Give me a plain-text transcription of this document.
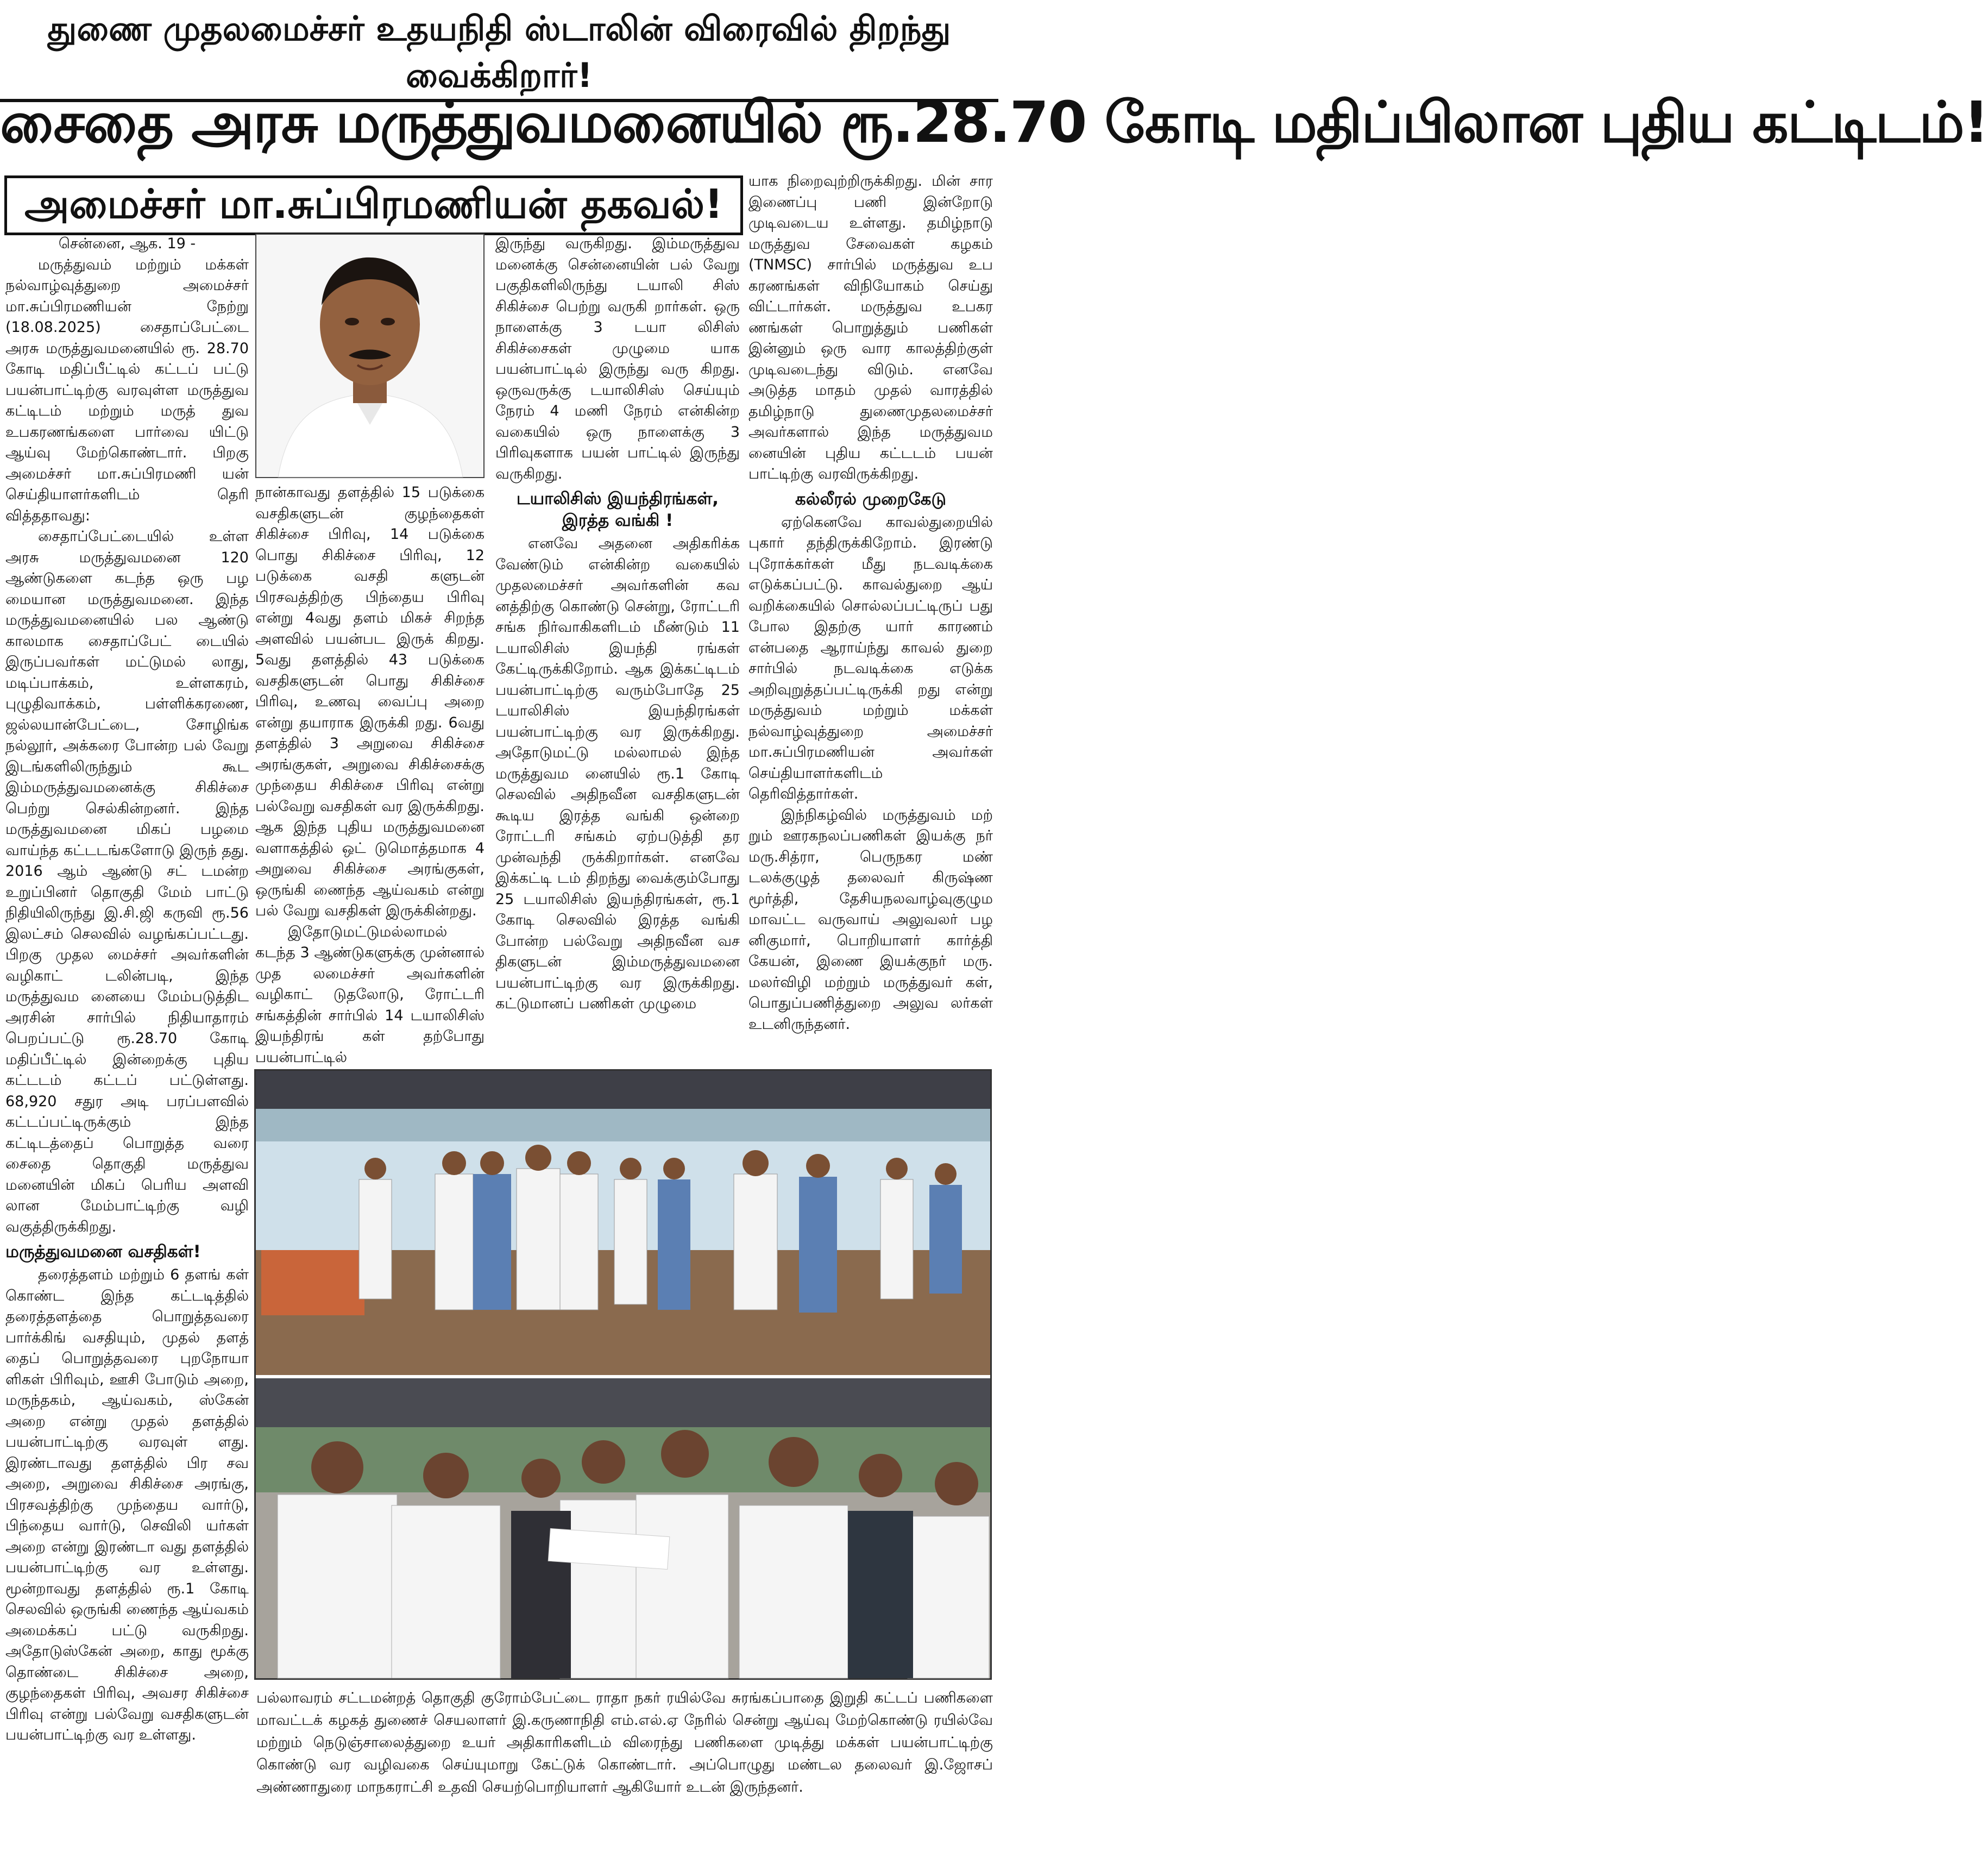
துணை முதலமைச்சர் உதயநிதி ஸ்டாலின் விரைவில் திறந்து வைக்கிறார்!
சைதை அரசு மருத்துவமனையில் ரூ.28.70 கோடி மதிப்பிலான புதிய கட்டிடம்!
அமைச்சர் மா.சுப்பிரமணியன் தகவல்!

சென்னை, ஆக. 19 -

மருத்துவம் மற்றும் மக்கள் நல்வாழ்வுத்துறை அமைச்சர் மா.சுப்பிரமணியன் நேற்று (18.08.2025) சைதாப்பேட்டை அரசு மருத்துவமனையில் ரூ. 28.70 கோடி மதிப்பீட்டில் கட்டப் பட்டு பயன்பாட்டிற்கு வரவுள்ள மருத்துவ கட்டிடம் மற்றும் மருத் துவ உபகரணங்களை பார்வை யிட்டு ஆய்வு மேற்கொண்டார். பிறகு அமைச்சர் மா.சுப்பிரமணி யன் செய்தியாளர்களிடம் தெரி வித்ததாவது:

சைதாப்பேட்டையில் உள்ள அரசு மருத்துவமனை 120 ஆண்டுகளை கடந்த ஒரு பழ மையான மருத்துவமனை. இந்த மருத்துவமனையில் பல ஆண்டு காலமாக சைதாப்பேட் டையில் இருப்பவர்கள் மட்டுமல் லாது, மடிப்பாக்கம், உள்ளகரம், புழுதிவாக்கம், பள்ளிக்கரணை, ஜல்லயான்பேட்டை, சோழிங்க நல்லூர், அக்கரை போன்ற பல் வேறு இடங்களிலிருந்தும் கூட இம்மருத்துவமனைக்கு சிகிச்சை பெற்று செல்கின்றனர். இந்த மருத்துவமனை மிகப் பழமை வாய்ந்த கட்டடங்களோடு இருந் தது. 2016 ஆம் ஆண்டு சட் டமன்ற உறுப்பினர் தொகுதி மேம் பாட்டு நிதியிலிருந்து இ.சி.ஜி கருவி ரூ.56 இலட்சம் செலவில் வழங்கப்பட்டது. பிறகு முதல மைச்சர் அவர்களின் வழிகாட் டலின்படி, இந்த மருத்துவம னையை மேம்படுத்திட அரசின் சார்பில் நிதியாதாரம் பெறப்பட்டு ரூ.28.70 கோடி மதிப்பீட்டில் இன்றைக்கு புதிய கட்டடம் கட்டப் பட்டுள்ளது. 68,920 சதுர அடி பரப்பளவில் கட்டப்பட்டிருக்கும் இந்த கட்டிடத்தைப் பொறுத்த வரை சைதை தொகுதி மருத்துவ மனையின் மிகப் பெரிய அளவி லான மேம்பாட்டிற்கு வழி வகுத்திருக்கிறது.

மருத்துவமனை வசதிகள்!

தரைத்தளம் மற்றும் 6 தளங் கள் கொண்ட இந்த கட்டடித்தில் தரைத்தளத்தை பொறுத்தவரை பார்க்கிங் வசதியும், முதல் தளத் தைப் பொறுத்தவரை புறநோயா ளிகள் பிரிவும், ஊசி போடும் அறை, மருந்தகம், ஆய்வகம், ஸ்கேன் அறை என்று முதல் தளத்தில் பயன்பாட்டிற்கு வரவுள் ளது. இரண்டாவது தளத்தில் பிர சவ அறை, அறுவை சிகிச்சை அரங்கு, பிரசவத்திற்கு முந்தைய வார்டு, பிந்தைய வார்டு, செவிலி யர்கள் அறை என்று இரண்டா வது தளத்தில் பயன்பாட்டிற்கு வர உள்ளது. மூன்றாவது தளத்தில் ரூ.1 கோடி செலவில் ஒருங்கி ணைந்த ஆய்வகம் அமைக்கப் பட்டு வருகிறது. அதோடுஸ்கேன் அறை, காது மூக்கு தொண்டை சிகிச்சை அறை, குழந்தைகள் பிரிவு, அவசர சிகிச்சை பிரிவு என்று பல்வேறு வசதிகளுடன் பயன்பாட்டிற்கு வர உள்ளது.

நான்காவது தளத்தில் 15 படுக்கை வசதிகளுடன் குழந்தைகள் சிகிச்சை பிரிவு, 14 படுக்கை பொது சிகிச்சை பிரிவு, 12 படுக்கை வசதி களுடன் பிரசவத்திற்கு பிந்தைய பிரிவு என்று 4வது தளம் மிகச் சிறந்த அளவில் பயன்பட இருக் கிறது. 5வது தளத்தில் 43 படுக்கை வசதிகளுடன் பொது சிகிச்சை பிரிவு, உணவு வைப்பு அறை என்று தயாராக இருக்கி றது. 6வது தளத்தில் 3 அறுவை சிகிச்சை அரங்குகள், அறுவை சிகிச்சைக்கு முந்தைய சிகிச்சை பிரிவு என்று பல்வேறு வசதிகள் வர இருக்கிறது. ஆக இந்த புதிய மருத்துவமனை வளாகத்தில் ஒட் டுமொத்தமாக 4 அறுவை சிகிச்சை அரங்குகள், ஒருங்கி ணைந்த ஆய்வகம் என்று பல் வேறு வசதிகள் இருக்கின்றது.

இதோடுமட்டுமல்லாமல் கடந்த 3 ஆண்டுகளுக்கு முன்னால் முத லமைச்சர் அவர்களின் வழிகாட் டுதலோடு, ரோட்டரி சங்கத்தின் சார்பில் 14 டயாலிசிஸ் இயந்திரங் கள் தற்போது பயன்பாட்டில்

இருந்து வருகிறது. இம்மருத்துவ மனைக்கு சென்னையின் பல் வேறு பகுதிகளிலிருந்து டயாலி சிஸ் சிகிச்சை பெற்று வருகி றார்கள். ஒரு நாளைக்கு 3 டயா லிசிஸ் சிகிச்சைகள் முழுமை யாக பயன்பாட்டில் இருந்து வரு கிறது. ஒருவருக்கு டயாலிசிஸ் செய்யும் நேரம் 4 மணி நேரம் என்கின்ற வகையில் ஒரு நாளைக்கு 3 பிரிவுகளாக பயன் பாட்டில் இருந்து வருகிறது.

டயாலிசிஸ் இயந்திரங்கள், இரத்த வங்கி !

எனவே அதனை அதிகரிக்க வேண்டும் என்கின்ற வகையில் முதலமைச்சர் அவர்களின் கவ னத்திற்கு கொண்டு சென்று, ரோட்டரி சங்க நிர்வாகிகளிடம் மீண்டும் 11 டயாலிசிஸ் இயந்தி ரங்கள் கேட்டிருக்கிறோம். ஆக இக்கட்டிடம் பயன்பாட்டிற்கு வரும்போதே 25 டயாலிசிஸ் இயந்திரங்கள் பயன்பாட்டிற்கு வர இருக்கிறது. அதோடுமட்டு மல்லாமல் இந்த மருத்துவம னையில் ரூ.1 கோடி செலவில் அதிநவீன வசதிகளுடன் கூடிய இரத்த வங்கி ஒன்றை ரோட்டரி சங்கம் ஏற்படுத்தி தர முன்வந்தி ருக்கிறார்கள். எனவே இக்கட்டி டம் திறந்து வைக்கும்போது 25 டயாலிசிஸ் இயந்திரங்கள், ரூ.1 கோடி செலவில் இரத்த வங்கி போன்ற பல்வேறு அதிநவீன வச திகளுடன் இம்மருத்துவமனை பயன்பாட்டிற்கு வர இருக்கிறது. கட்டுமானப் பணிகள் முழுமை

யாக நிறைவுற்றிருக்கிறது. மின் சார இணைப்பு பணி இன்றோடு முடிவடைய உள்ளது. தமிழ்நாடு மருத்துவ சேவைகள் கழகம் (TNMSC) சார்பில் மருத்துவ உப கரணங்கள் விநியோகம் செய்து விட்டார்கள். மருத்துவ உபகர ணங்கள் பொறுத்தும் பணிகள் இன்னும் ஒரு வார காலத்திற்குள் முடிவடைந்து விடும். எனவே அடுத்த மாதம் முதல் வாரத்தில் தமிழ்நாடு துணைமுதலமைச்சர் அவர்களால் இந்த மருத்துவம னையின் புதிய கட்டடம் பயன் பாட்டிற்கு வரவிருக்கிறது.

கல்லீரல் முறைகேடு

ஏற்கெனவே காவல்துறையில் புகார் தந்திருக்கிறோம். இரண்டு புரோக்கர்கள் மீது நடவடிக்கை எடுக்கப்பட்டு. காவல்துறை ஆய் வறிக்கையில் சொல்லப்பட்டிருப் பது போல இதற்கு யார் காரணம் என்பதை ஆராய்ந்து காவல் துறை சார்பில் நடவடிக்கை எடுக்க அறிவுறுத்தப்பட்டிருக்கி றது என்று மருத்துவம் மற்றும் மக்கள் நல்வாழ்வுத்துறை அமைச்சர் மா.சுப்பிரமணியன் அவர்கள் செய்தியாளர்களிடம் தெரிவித்தார்கள்.

இந்நிகழ்வில் மருத்துவம் மற் றும் ஊரகநலப்பணிகள் இயக்கு நர் மரு.சித்ரா, பெருநகர மண் டலக்குழுத் தலைவர் கிருஷ்ண மூர்த்தி, தேசியநலவாழ்வுகுழும மாவட்ட வருவாய் அலுவலர் பழ னிகுமார், பொறியாளர் கார்த்தி கேயன், இணை இயக்குநர் மரு. மலர்விழி மற்றும் மருத்துவர் கள், பொதுப்பணித்துறை அலுவ லர்கள் உடனிருந்தனர்.

பல்லாவரம் சட்டமன்றத் தொகுதி குரோம்பேட்டை ராதா நகர் ரயில்வே சுரங்கப்பாதை இறுதி கட்டப் பணிகளை மாவட்டக் கழகத் துணைச் செயலாளர் இ.கருணாநிதி எம்.எல்.ஏ நேரில் சென்று ஆய்வு மேற்கொண்டு ரயில்வே மற்றும் நெடுஞ்சாலைத்துறை உயர் அதிகாரிகளிடம் விரைந்து பணிகளை முடித்து மக்கள் பயன்பாட்டிற்கு கொண்டு வர வழிவகை செய்யுமாறு கேட்டுக் கொண்டார். அப்பொழுது மண்டல தலைவர் இ.ஜோசப் அண்ணாதுரை மாநகராட்சி உதவி செயற்பொறியாளர் ஆகியோர் உடன் இருந்தனர்.
